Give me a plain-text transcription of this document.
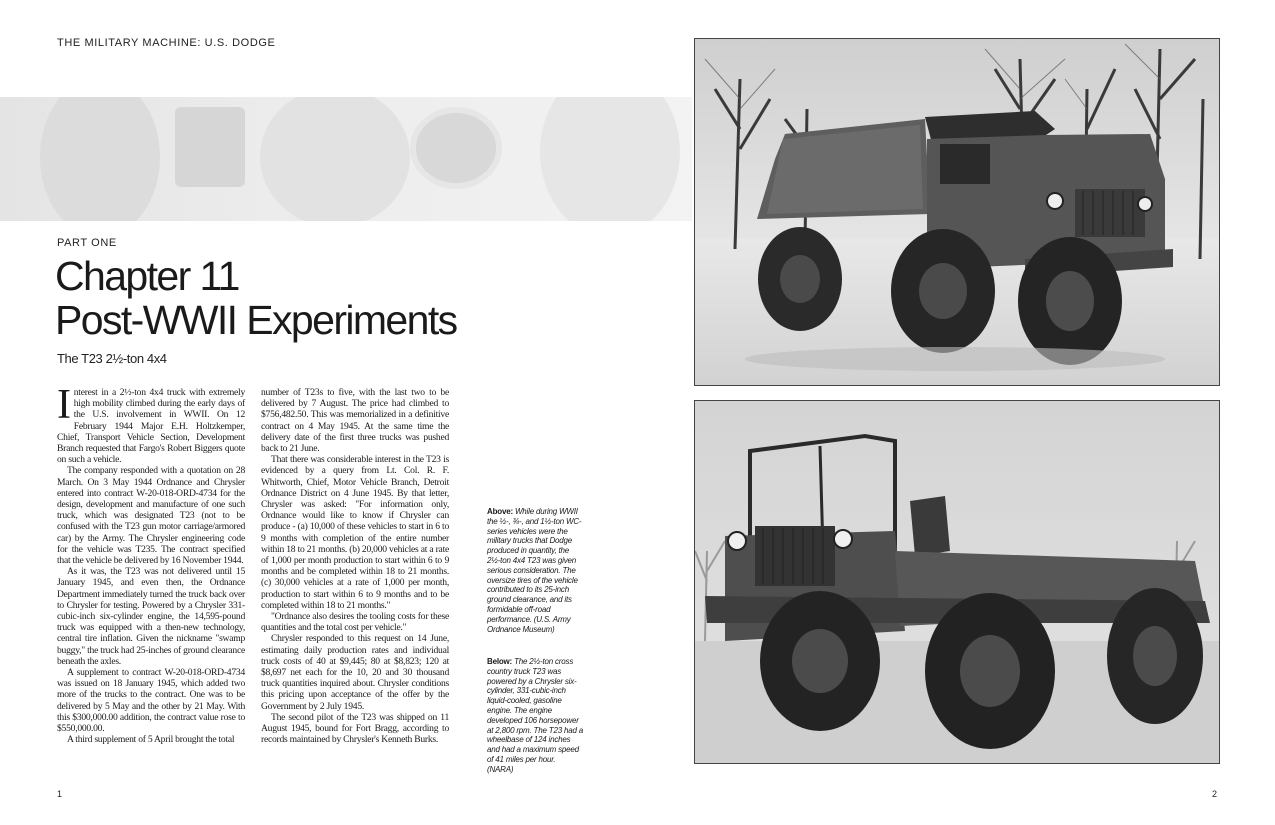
THE MILITARY MACHINE: U.S. DODGE
PART ONE
Chapter 11
Post-WWII Experiments
The T23 2½-ton 4x4

Interest in a 2½-ton 4x4 truck with extremely high mobility climbed during the early days of the U.S. involvement in WWII. On 12 February 1944 Major E.H. Holtzkemper, Chief, Transport Vehicle Section, Development Branch requested that Fargo's Robert Biggers quote on such a vehicle.

The company responded with a quotation on 28 March. On 3 May 1944 Ordnance and Chrysler entered into contract W-20-018-ORD-4734 for the design, development and manufacture of one such truck, which was designated T23 (not to be confused with the T23 gun motor carriage/armored car) by the Army. The Chrysler engineering code for the vehicle was T235. The contract specified that the vehicle be delivered by 16 November 1944.

As it was, the T23 was not delivered until 15 January 1945, and even then, the Ordnance Department immediately turned the truck back over to Chrysler for testing. Powered by a Chrysler 331-cubic-inch six-cylinder engine, the 14,595-pound truck was equipped with a then-new technology, central tire inflation. Given the nickname "swamp buggy," the truck had 25-inches of ground clearance beneath the axles.

A supplement to contract W-20-018-ORD-4734 was issued on 18 January 1945, which added two more of the trucks to the contract. One was to be delivered by 5 May and the other by 21 May. With this $300,000.00 addition, the contract value rose to $550,000.00.

A third supplement of 5 April brought the total

number of T23s to five, with the last two to be delivered by 7 August. The price had climbed to $756,482.50. This was memorialized in a definitive contract on 4 May 1945. At the same time the delivery date of the first three trucks was pushed back to 21 June.

That there was considerable interest in the T23 is evidenced by a query from Lt. Col. R. F. Whitworth, Chief, Motor Vehicle Branch, Detroit Ordnance District on 4 June 1945. By that letter, Chrysler was asked: "For information only, Ordnance would like to know if Chrysler can produce - (a) 10,000 of these vehicles to start in 6 to 9 months with completion of the entire number within 18 to 21 months. (b) 20,000 vehicles at a rate of 1,000 per month production to start within 6 to 9 months and be completed within 18 to 21 months. (c) 30,000 vehicles at a rate of 1,000 per month, production to start within 6 to 9 months and to be completed within 18 to 21 months."

"Ordnance also desires the tooling costs for these quantities and the total cost per vehicle."

Chrysler responded to this request on 14 June, estimating daily production rates and individual truck costs of 40 at $9,445; 80 at $8,823; 120 at $8,697 net each for the 10, 20 and 30 thousand truck quantities inquired about. Chrysler conditions this pricing upon acceptance of the offer by the Government by 2 July 1945.

The second pilot of the T23 was shipped on 11 August 1945, bound for Fort Bragg, according to records maintained by Chrysler's Kenneth Burks.

Above: While during WWII the ½-, ¾-, and 1½-ton WC-series vehicles were the military trucks that Dodge produced in quantity, the 2½-ton 4x4 T23 was given serious consideration. The oversize tires of the vehicle contributed to its 25-inch ground clearance, and its formidable off-road performance. (U.S. Army Ordnance Museum)
Below: The 2½-ton cross country truck T23 was powered by a Chrysler six-cylinder, 331-cubic-inch liquid-cooled, gasoline engine. The engine developed 106 horsepower at 2,800 rpm. The T23 had a wheelbase of 124 inches and had a maximum speed of 41 miles per hour. (NARA)
1	2
